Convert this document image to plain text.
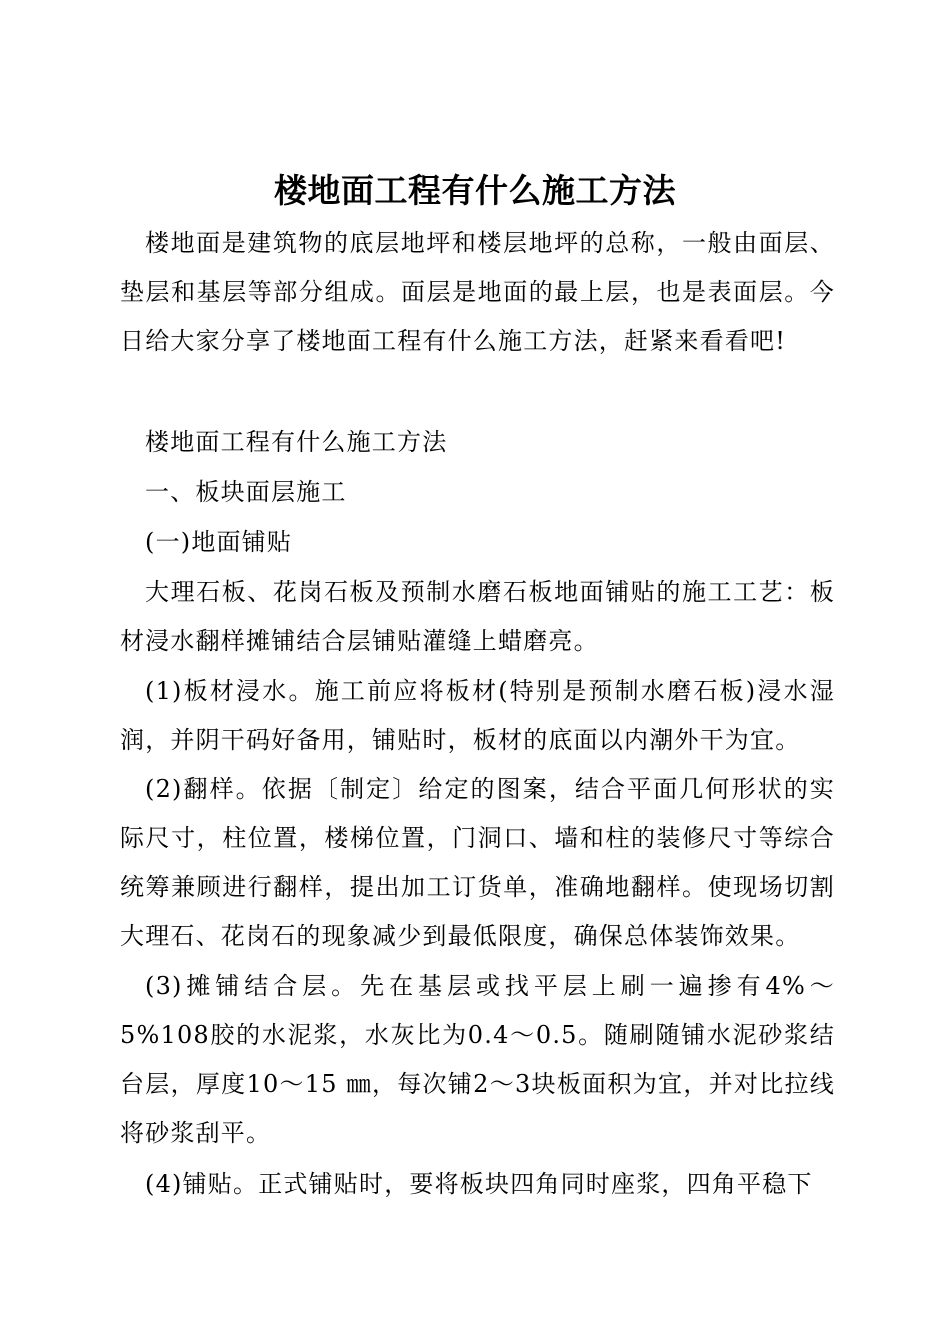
楼地面工程有什么施工方法

楼地面是建筑物的底层地坪和楼层地坪的总称，一般由面层、垫层和基层等部分组成。面层是地面的最上层，也是表面层。今日给大家分享了楼地面工程有什么施工方法，赶紧来看看吧!

楼地面工程有什么施工方法

一、板块面层施工

(一)地面铺贴

大理石板、花岗石板及预制水磨石板地面铺贴的施工工艺：板材浸水翻样摊铺结合层铺贴灌缝上蜡磨亮。

(1)板材浸水。施工前应将板材(特别是预制水磨石板)浸水湿润，并阴干码好备用，铺贴时，板材的底面以内潮外干为宜。

(2)翻样。依据〔制定〕给定的图案，结合平面几何形状的实际尺寸，柱位置，楼梯位置，门洞口、墙和柱的装修尺寸等综合统筹兼顾进行翻样，提出加工订货单，准确地翻样。使现场切割大理石、花岗石的现象减少到最低限度，确保总体装饰效果。

(3)摊铺结合层。先在基层或找平层上刷一遍掺有4%～5%108胶的水泥浆，水灰比为0.4～0.5。随刷随铺水泥砂浆结台层，厚度10～15 ㎜，每次铺2～3块板面积为宜，并对比拉线将砂浆刮平。

(4)铺贴。正式铺贴时，要将板块四角同时座浆，四角平稳下
